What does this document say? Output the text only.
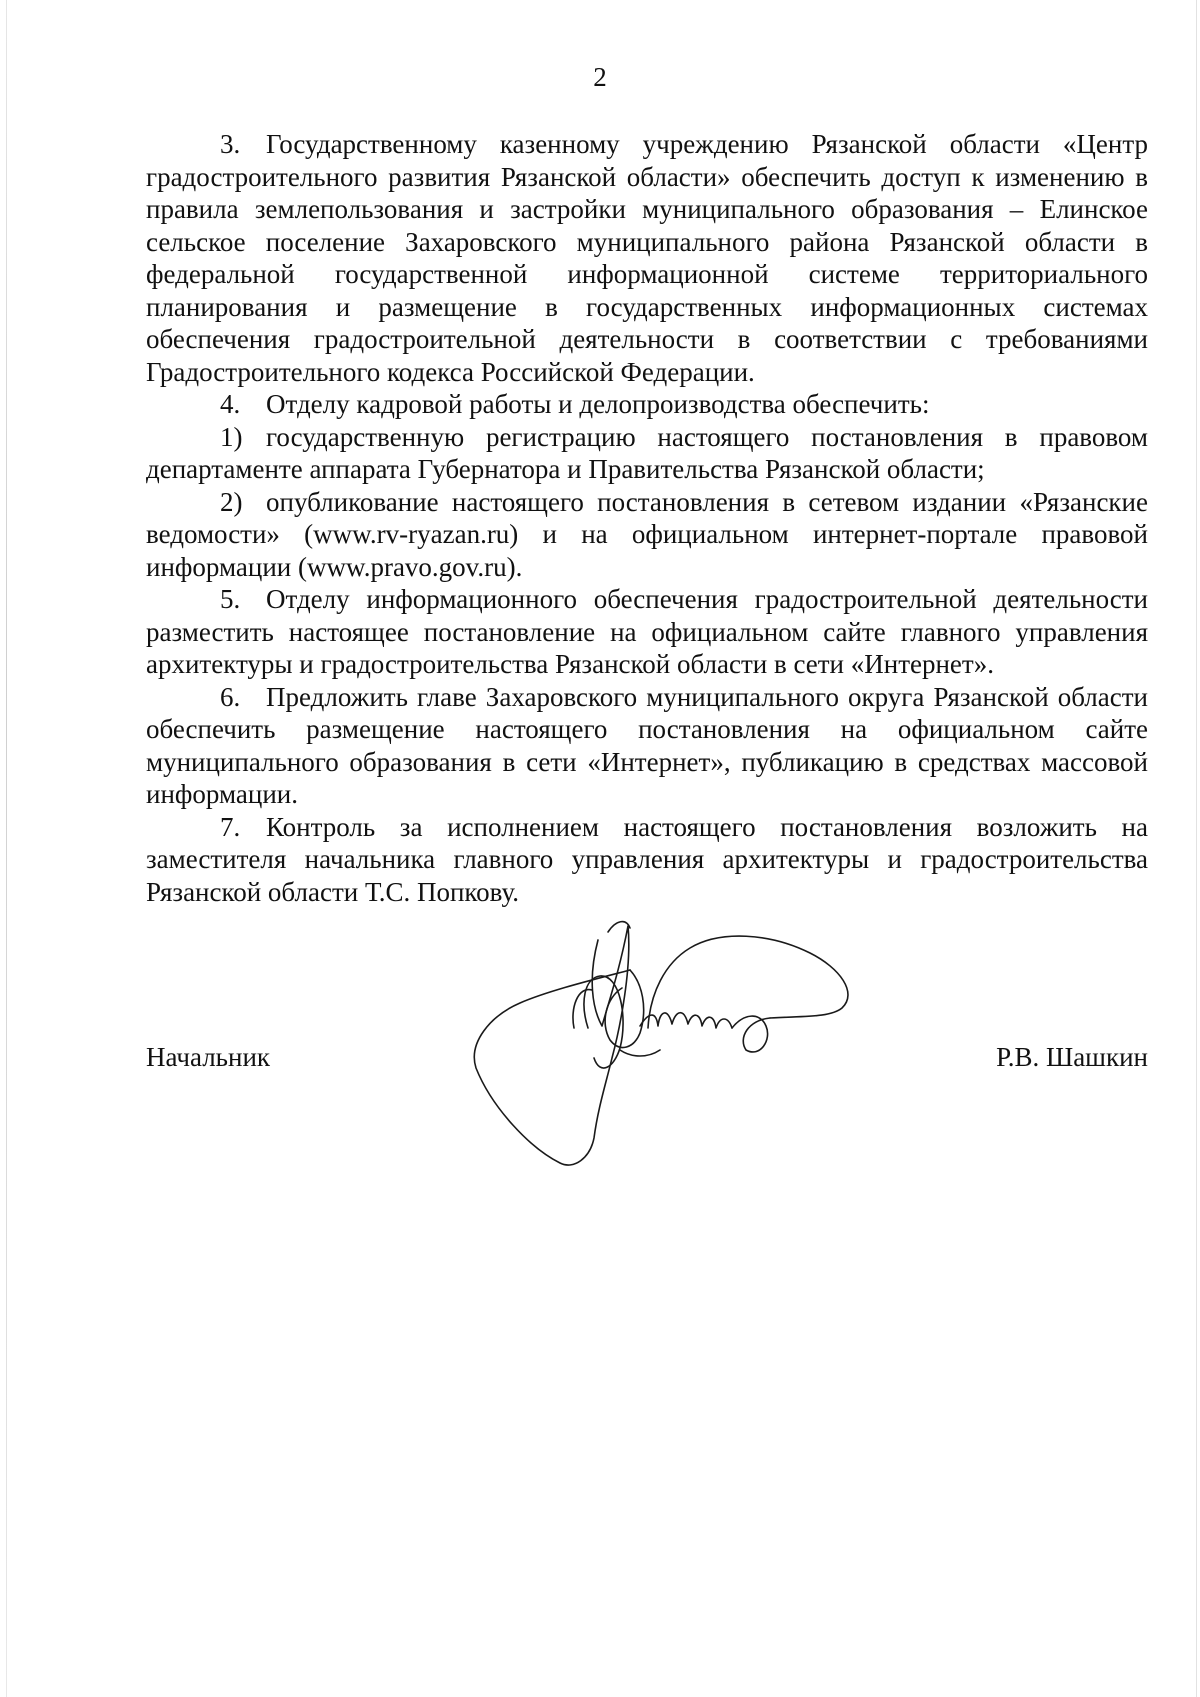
2

3. Государственному казенному учреждению Рязанской области «Центр градостроительного развития Рязанской области» обеспечить доступ к изменению в правила землепользования и застройки муниципального образования – Елинское сельское поселение Захаровского муниципального района Рязанской области в федеральной государственной информационной системе территориального планирования и размещение в государственных информационных системах обеспечения градостроительной деятельности в соответствии с требованиями Градостроительного кодекса Российской Федерации.

4. Отделу кадровой работы и делопроизводства обеспечить:

1) государственную регистрацию настоящего постановления в правовом департаменте аппарата Губернатора и Правительства Рязанской области;

2) опубликование настоящего постановления в сетевом издании «Рязанские ведомости» (www.rv-ryazan.ru) и на официальном интернет-портале правовой информации (www.pravo.gov.ru).

5. Отделу информационного обеспечения градостроительной деятельности разместить настоящее постановление на официальном сайте главного управления архитектуры и градостроительства Рязанской области в сети «Интернет».

6. Предложить главе Захаровского муниципального округа Рязанской области обеспечить размещение настоящего постановления на официальном сайте муниципального образования в сети «Интернет», публикацию в средствах массовой информации.

7. Контроль за исполнением настоящего постановления возложить на заместителя начальника главного управления архитектуры и градостроительства Рязанской области Т.С. Попкову.

Начальник	Р.В. Шашкин
